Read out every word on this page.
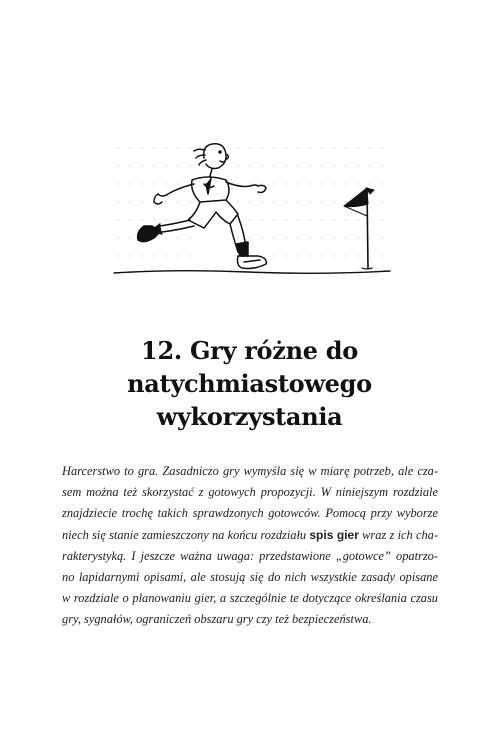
12. Gry różne do
natychmiastowego
wykorzystania

Harcerstwo to gra. Zasadniczo gry wymyśla się w miarę potrzeb, ale cza-
sem można też skorzystać z gotowych propozycji. W niniejszym rozdziale
znajdziecie trochę takich sprawdzonych gotowców. Pomocą przy wyborze
niech się stanie zamieszczony na końcu rozdziału spis gier wraz z ich cha-
rakterystyką. I jeszcze ważna uwaga: przedstawione „gotowce” opatrzo-
no lapidarnymi opisami, ale stosują się do nich wszystkie zasady opisane
w rozdziale o planowaniu gier, a szczególnie te dotyczące określania czasu
gry, sygnałów, ograniczeń obszaru gry czy też bezpieczeństwa.
